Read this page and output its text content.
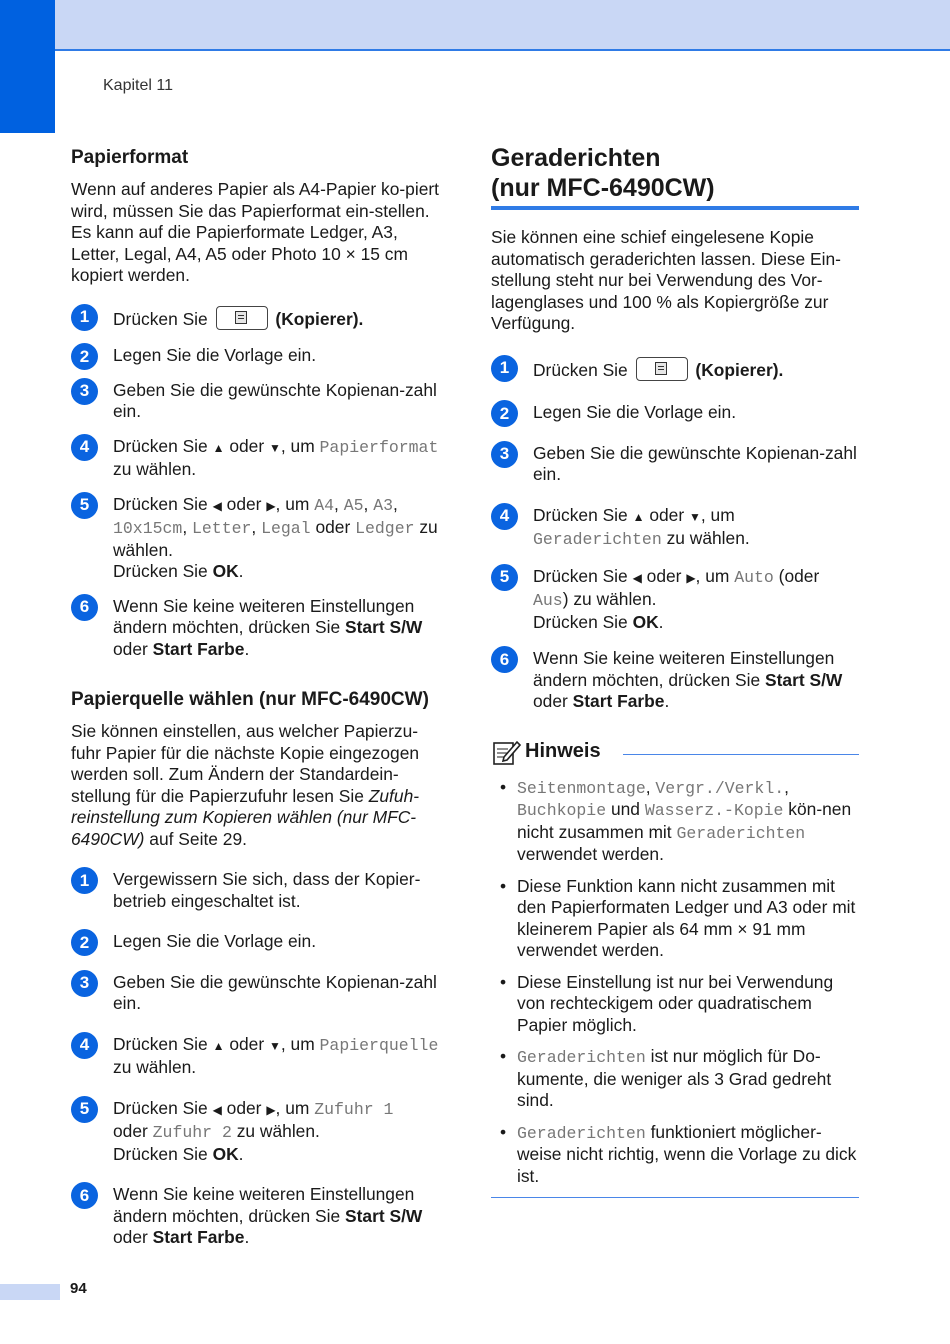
Kapitel 11
Papierformat

Wenn auf anderes Papier als A4-Papier ko-piert wird, müssen Sie das Papierformat ein-stellen. Es kann auf die Papierformate Ledger, A3, Letter, Legal, A4, A5 oder Photo 10 × 15 cm kopiert werden.

1	Drücken Sie	(Kopierer).
2	Legen Sie die Vorlage ein.
3	Geben Sie die gewünschte Kopienan-zahl ein.
4	Drücken Sie ▲ oder ▼, um Papierformat zu wählen.
5	Drücken Sie ◀ oder ▶, um A4, A5, A3, 10x15cm, Letter, Legal oder Ledger zu wählen.
Drücken Sie OK.
6	Wenn Sie keine weiteren Einstellungen ändern möchten, drücken Sie Start S/W oder Start Farbe.
Papierquelle wählen (nur MFC-6490CW)

Sie können einstellen, aus welcher Papierzu-fuhr Papier für die nächste Kopie eingezogen werden soll. Zum Ändern der Standardein-stellung für die Papierzufuhr lesen Sie Zufuh-reinstellung zum Kopieren wählen (nur MFC-6490CW) auf Seite 29.

1	Vergewissern Sie sich, dass der Kopier-betrieb eingeschaltet ist.
2	Legen Sie die Vorlage ein.
3	Geben Sie die gewünschte Kopienan-zahl ein.
4	Drücken Sie ▲ oder ▼, um Papierquelle zu wählen.
5	Drücken Sie ◀ oder ▶, um Zufuhr 1
oder Zufuhr 2 zu wählen.
Drücken Sie OK.
6	Wenn Sie keine weiteren Einstellungen ändern möchten, drücken Sie Start S/W oder Start Farbe.
Geraderichten
(nur MFC-6490CW)

Sie können eine schief eingelesene Kopie automatisch geraderichten lassen. Diese Ein-stellung steht nur bei Verwendung des Vor-lagenglases und 100 % als Kopiergröße zur Verfügung.

1	Drücken Sie	(Kopierer).
2	Legen Sie die Vorlage ein.
3	Geben Sie die gewünschte Kopienan-zahl ein.
4	Drücken Sie ▲ oder ▼, um Geraderichten zu wählen.
5	Drücken Sie ◀ oder ▶, um Auto (oder
Aus) zu wählen.
Drücken Sie OK.
6	Wenn Sie keine weiteren Einstellungen ändern möchten, drücken Sie Start S/W oder Start Farbe.
Hinweis
• Seitenmontage, Vergr./Verkl., Buchkopie und Wasserz.-Kopie kön-nen nicht zusammen mit Geraderichten verwendet werden.
• Diese Funktion kann nicht zusammen mit den Papierformaten Ledger und A3 oder mit kleinerem Papier als 64 mm × 91 mm verwendet werden.
• Diese Einstellung ist nur bei Verwendung von rechteckigem oder quadratischem Papier möglich.
• Geraderichten ist nur möglich für Do-kumente, die weniger als 3 Grad gedreht sind.
• Geraderichten funktioniert möglicher-weise nicht richtig, wenn die Vorlage zu dick ist.
94
